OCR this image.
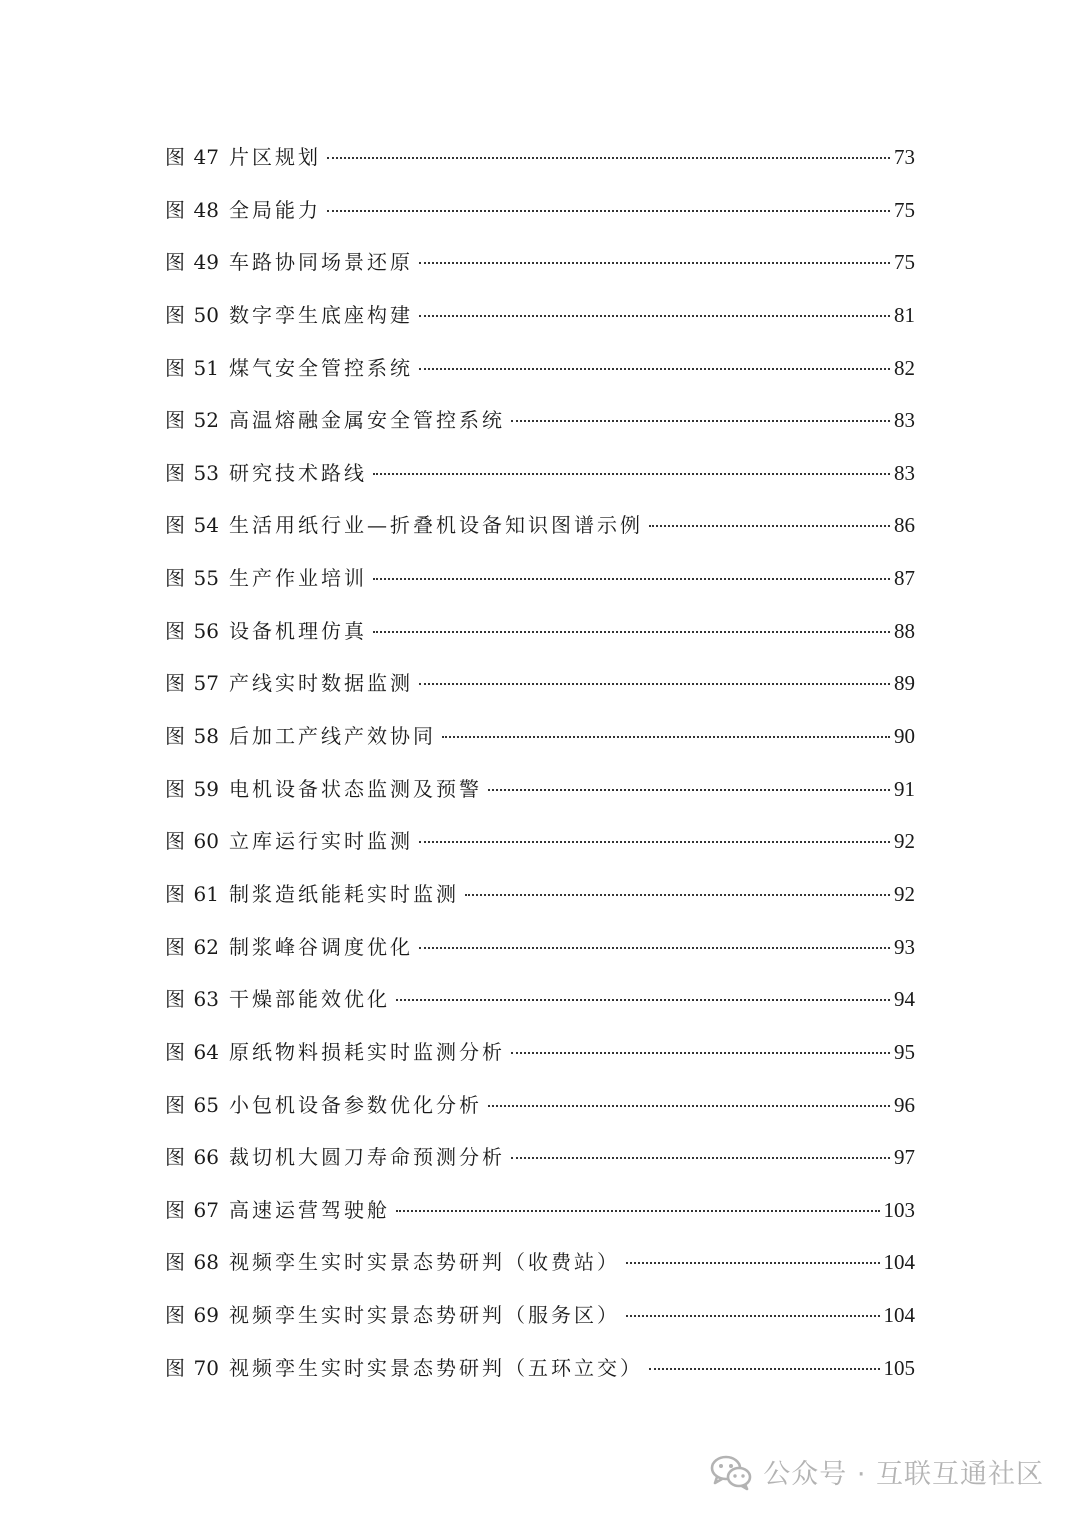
图 47 片区规划	73
图 48 全局能力	75
图 49 车路协同场景还原	75
图 50 数字孪生底座构建	81
图 51 煤气安全管控系统	82
图 52 高温熔融金属安全管控系统	83
图 53 研究技术路线	83
图 54 生活用纸行业—折叠机设备知识图谱示例	86
图 55 生产作业培训	87
图 56 设备机理仿真	88
图 57 产线实时数据监测	89
图 58 后加工产线产效协同	90
图 59 电机设备状态监测及预警	91
图 60 立库运行实时监测	92
图 61 制浆造纸能耗实时监测	92
图 62 制浆峰谷调度优化	93
图 63 干燥部能效优化	94
图 64 原纸物料损耗实时监测分析	95
图 65 小包机设备参数优化分析	96
图 66 裁切机大圆刀寿命预测分析	97
图 67 高速运营驾驶舱	103
图 68 视频孪生实时实景态势研判（收费站）	104
图 69 视频孪生实时实景态势研判（服务区）	104
图 70 视频孪生实时实景态势研判（五环立交）	105
公众号 · 互联互通社区
